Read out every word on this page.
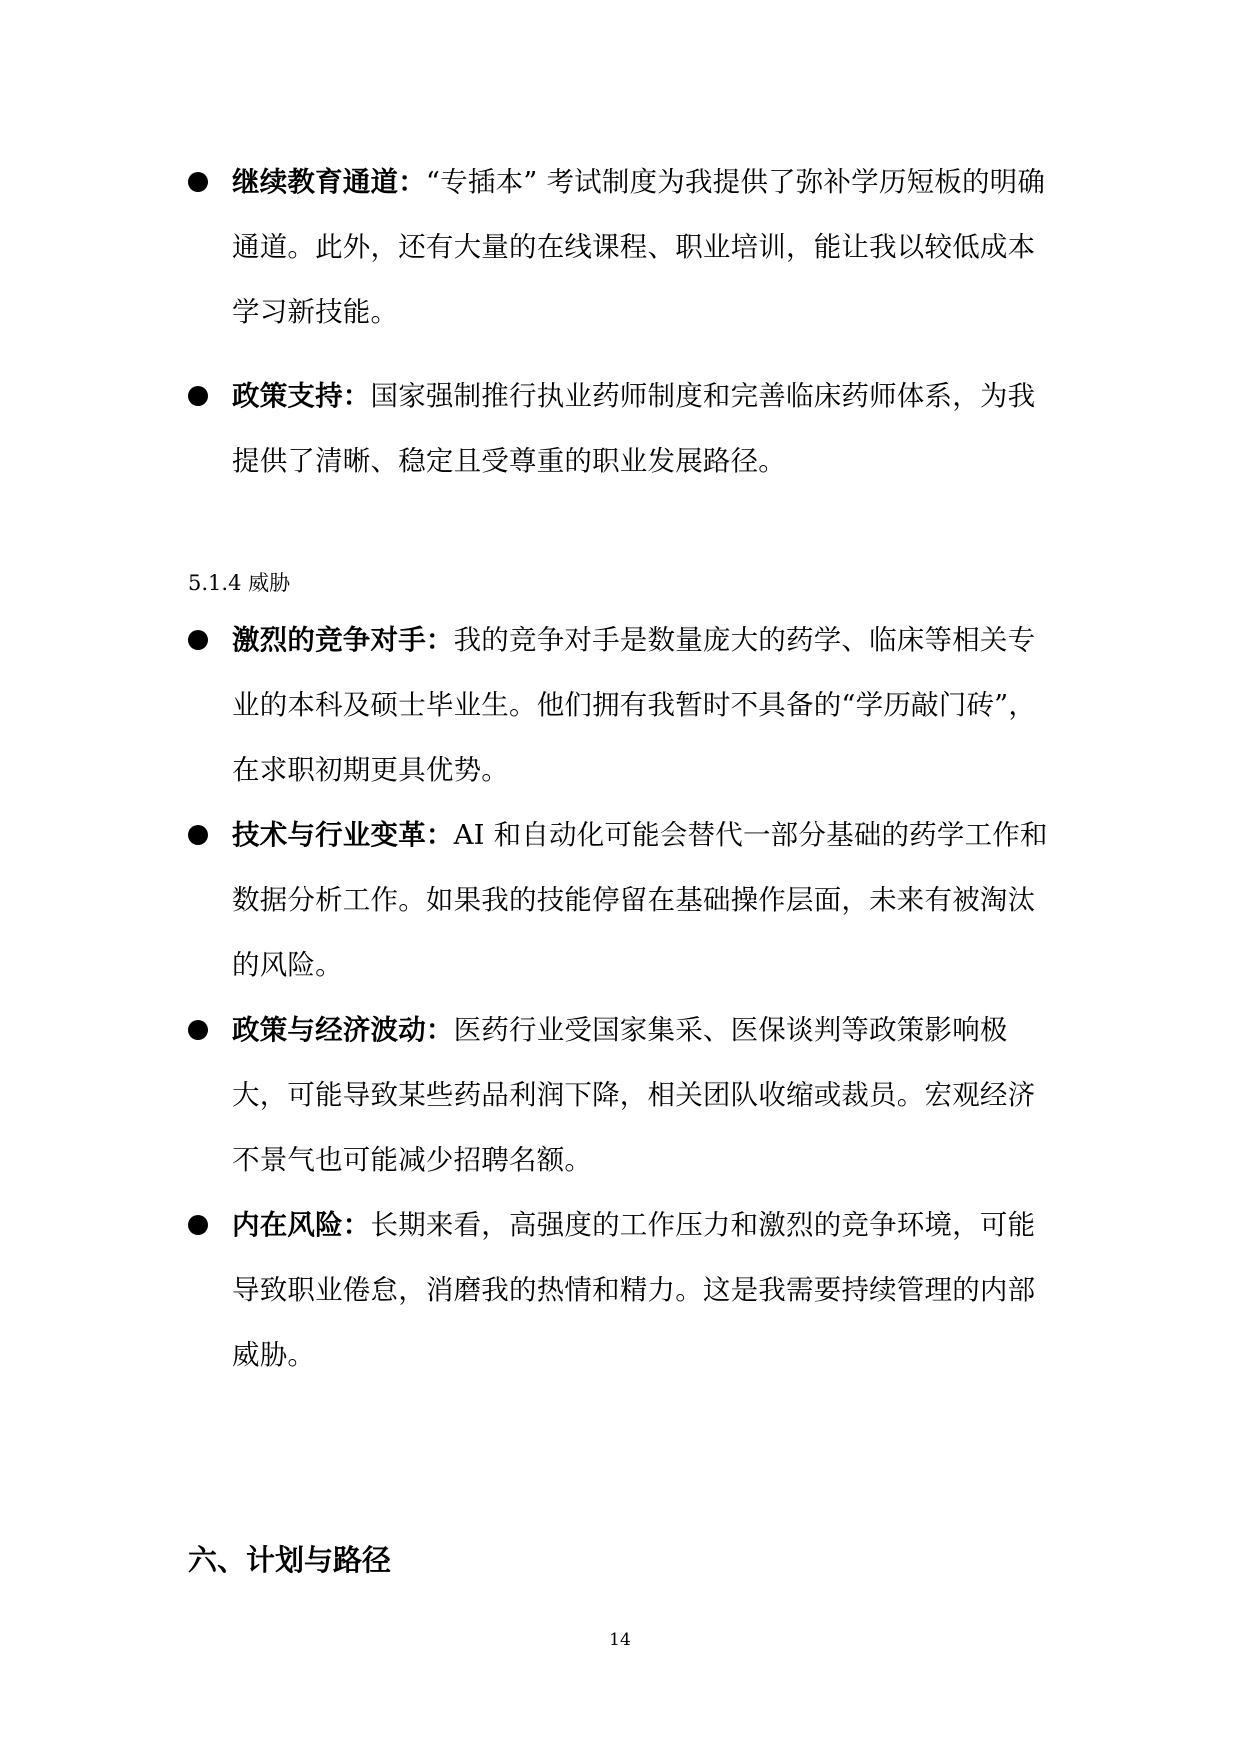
继续教育通道：“专插本” 考试制度为我提供了弥补学历短板的明确通道。此外，还有大量的在线课程、职业培训，能让我以较低成本学习新技能。
政策支持：国家强制推行执业药师制度和完善临床药师体系，为我提供了清晰、稳定且受尊重的职业发展路径。
5.1.4 威胁
激烈的竞争对手：我的竞争对手是数量庞大的药学、临床等相关专业的本科及硕士毕业生。他们拥有我暂时不具备的“学历敲门砖”，在求职初期更具优势。
技术与行业变革：AI 和自动化可能会替代一部分基础的药学工作和数据分析工作。如果我的技能停留在基础操作层面，未来有被淘汰的风险。
政策与经济波动：医药行业受国家集采、医保谈判等政策影响极大，可能导致某些药品利润下降，相关团队收缩或裁员。宏观经济不景气也可能减少招聘名额。
内在风险：长期来看，高强度的工作压力和激烈的竞争环境，可能导致职业倦怠，消磨我的热情和精力。这是我需要持续管理的内部威胁。
六、计划与路径
14
